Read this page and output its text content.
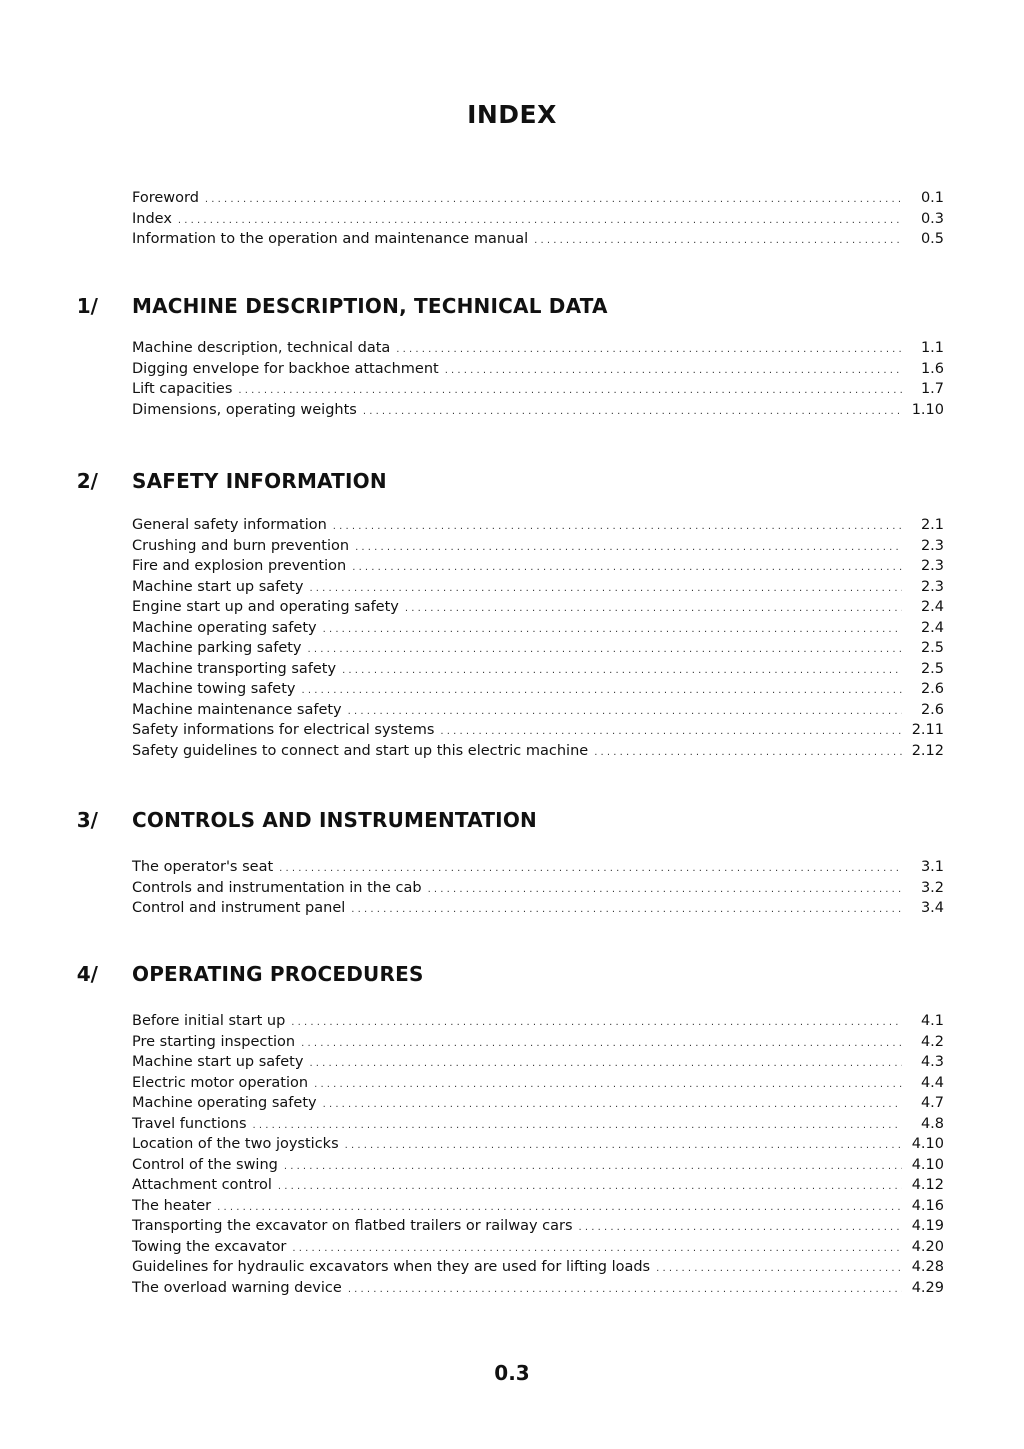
INDEX
Foreword . . .	0.1
Index . . .	0.3
Information to the operation and maintenance manual . . .	0.5
1/ MACHINE DESCRIPTION, TECHNICAL DATA
Machine description, technical data . . .	1.1
Digging envelope for backhoe attachment . . .	1.6
Lift capacities . . .	1.7
Dimensions, operating weights . . .	1.10
2/ SAFETY INFORMATION
General safety information . . .	2.1
Crushing and burn prevention . . .	2.3
Fire and explosion prevention . . .	2.3
Machine start up safety . . .	2.3
Engine start up and operating safety . . .	2.4
Machine operating safety . . .	2.4
Machine parking safety . . .	2.5
Machine transporting safety . . .	2.5
Machine towing safety . . .	2.6
Machine maintenance safety . . .	2.6
Safety informations for electrical systems . . .	2.11
Safety guidelines to connect and start up this electric machine . . .	2.12
3/ CONTROLS AND INSTRUMENTATION
The operator's seat . . .	3.1
Controls and instrumentation in the cab . . .	3.2
Control and instrument panel . . .	3.4
4/ OPERATING PROCEDURES
Before initial start up . . .	4.1
Pre starting inspection . . .	4.2
Machine start up safety . . .	4.3
Electric motor operation . . .	4.4
Machine operating safety . . .	4.7
Travel functions . . .	4.8
Location of the two joysticks . . .	4.10
Control of the swing . . .	4.10
Attachment control . . .	4.12
The heater . . .	4.16
Transporting the excavator on flatbed trailers or railway cars . . .	4.19
Towing the excavator . . .	4.20
Guidelines for hydraulic excavators when they are used for lifting loads . . .	4.28
The overload warning device . . .	4.29
0.3
